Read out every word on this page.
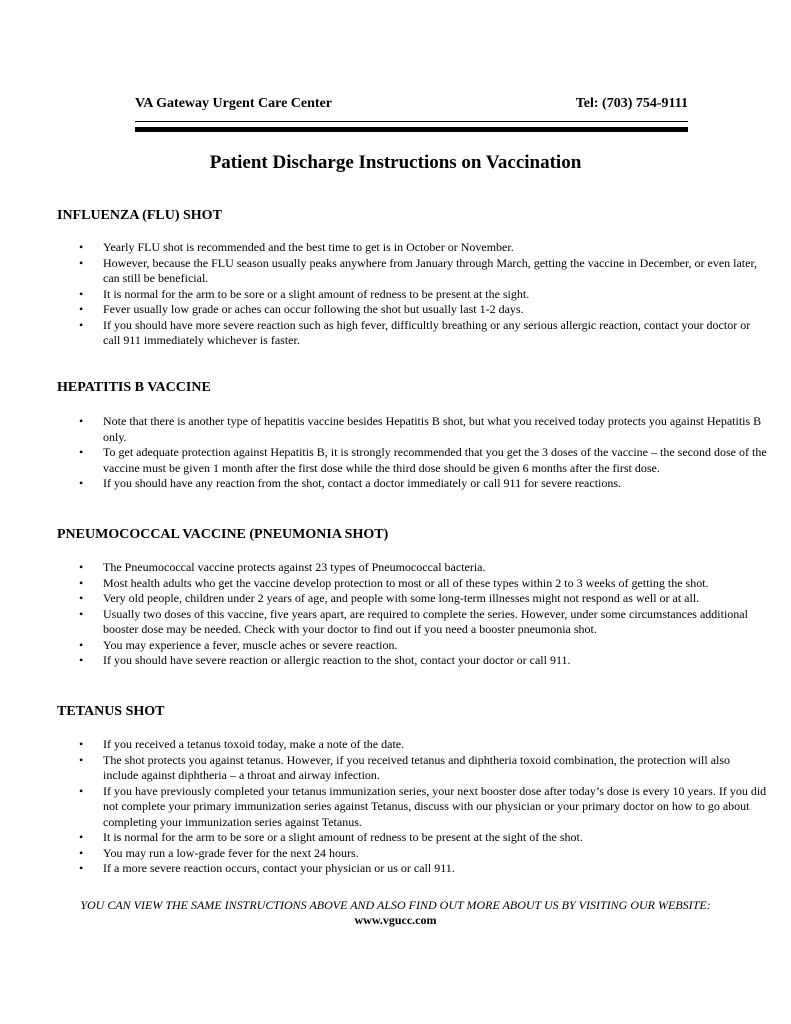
VA Gateway Urgent Care Center	Tel: (703) 754-9111
Patient Discharge Instructions on Vaccination
INFLUENZA (FLU) SHOT
• Yearly FLU shot is recommended and the best time to get is in October or November.
• However, because the FLU season usually peaks anywhere from January through March, getting the vaccine in December, or even later, can still be beneficial.
• It is normal for the arm to be sore or a slight amount of redness to be present at the sight.
• Fever usually low grade or aches can occur following the shot but usually last 1-2 days.
• If you should have more severe reaction such as high fever, difficultly breathing or any serious allergic reaction, contact your doctor or call 911 immediately whichever is faster.
HEPATITIS B VACCINE
• Note that there is another type of hepatitis vaccine besides Hepatitis B shot, but what you received today protects you against Hepatitis B only.
• To get adequate protection against Hepatitis B, it is strongly recommended that you get the 3 doses of the vaccine – the second dose of the vaccine must be given 1 month after the first dose while the third dose should be given 6 months after the first dose.
• If you should have any reaction from the shot, contact a doctor immediately or call 911 for severe reactions.
PNEUMOCOCCAL VACCINE (PNEUMONIA SHOT)
• The Pneumococcal vaccine protects against 23 types of Pneumococcal bacteria.
• Most health adults who get the vaccine develop protection to most or all of these types within 2 to 3 weeks of getting the shot.
• Very old people, children under 2 years of age, and people with some long-term illnesses might not respond as well or at all.
• Usually two doses of this vaccine, five years apart, are required to complete the series. However, under some circumstances additional booster dose may be needed. Check with your doctor to find out if you need a booster pneumonia shot.
• You may experience a fever, muscle aches or severe reaction.
• If you should have severe reaction or allergic reaction to the shot, contact your doctor or call 911.
TETANUS SHOT
• If you received a tetanus toxoid today, make a note of the date.
• The shot protects you against tetanus. However, if you received tetanus and diphtheria toxoid combination, the protection will also include against diphtheria – a throat and airway infection.
• If you have previously completed your tetanus immunization series, your next booster dose after today’s dose is every 10 years. If you did not complete your primary immunization series against Tetanus, discuss with our physician or your primary doctor on how to go about completing your immunization series against Tetanus.
• It is normal for the arm to be sore or a slight amount of redness to be present at the sight of the shot.
• You may run a low-grade fever for the next 24 hours.
• If a more severe reaction occurs, contact your physician or us or call 911.
YOU CAN VIEW THE SAME INSTRUCTIONS ABOVE AND ALSO FIND OUT MORE ABOUT US BY VISITING OUR WEBSITE:
www.vgucc.com
